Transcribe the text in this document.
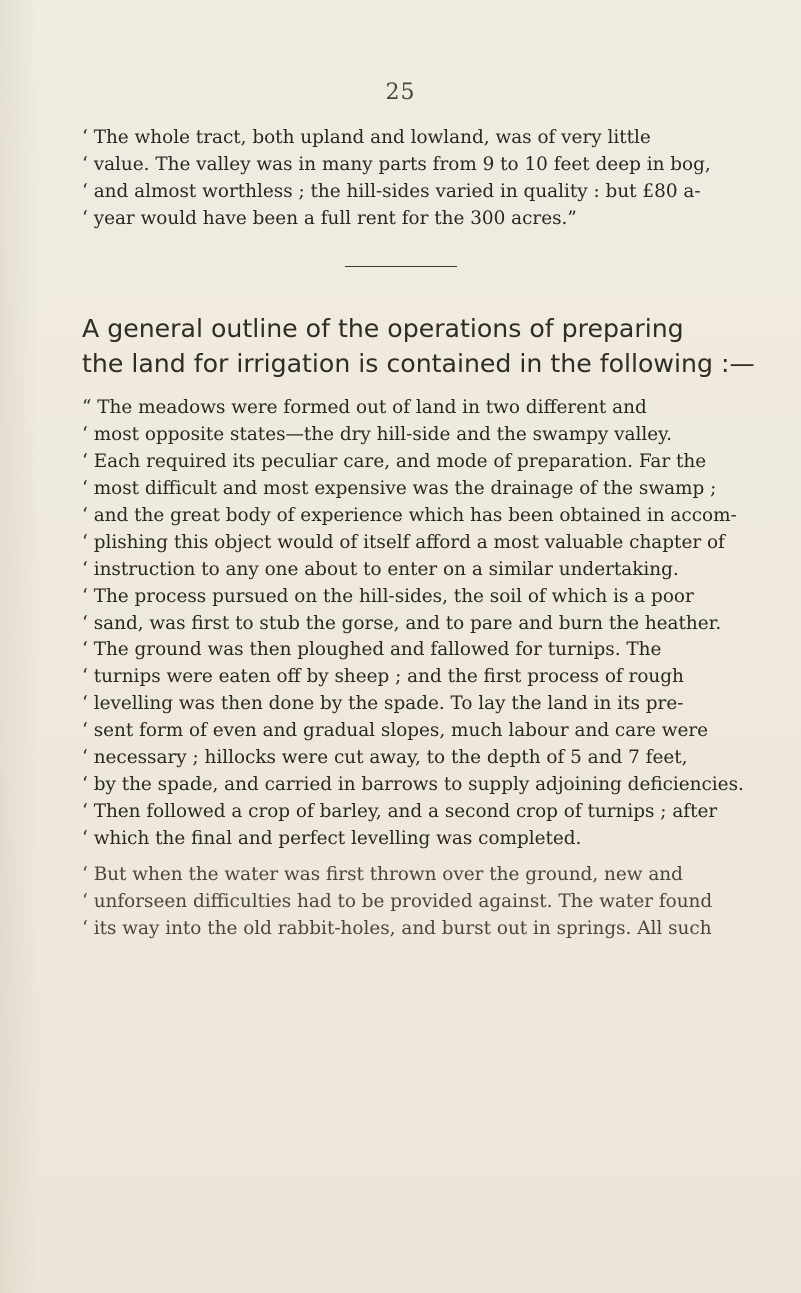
25
‘ The whole tract, both upland and lowland, was of very little
‘ value. The valley was in many parts from 9 to 10 feet deep in bog,
‘ and almost worthless ; the hill-sides varied in quality : but £80 a-
‘ year would have been a full rent for the 300 acres.”
A general outline of the operations of preparing
the land for irrigation is contained in the following :—
“ The meadows were formed out of land in two different and
‘ most opposite states—the dry hill-side and the swampy valley.
‘ Each required its peculiar care, and mode of preparation. Far the
‘ most difficult and most expensive was the drainage of the swamp ;
‘ and the great body of experience which has been obtained in accom-
‘ plishing this object would of itself afford a most valuable chapter of
‘ instruction to any one about to enter on a similar undertaking.
‘ The process pursued on the hill-sides, the soil of which is a poor
‘ sand, was first to stub the gorse, and to pare and burn the heather.
‘ The ground was then ploughed and fallowed for turnips. The
‘ turnips were eaten off by sheep ; and the first process of rough
‘ levelling was then done by the spade. To lay the land in its pre-
‘ sent form of even and gradual slopes, much labour and care were
‘ necessary ; hillocks were cut away, to the depth of 5 and 7 feet,
‘ by the spade, and carried in barrows to supply adjoining deficiencies.
‘ Then followed a crop of barley, and a second crop of turnips ; after
‘ which the final and perfect levelling was completed.
‘ But when the water was first thrown over the ground, new and
‘ unforseen difficulties had to be provided against. The water found
‘ its way into the old rabbit-holes, and burst out in springs. All such
